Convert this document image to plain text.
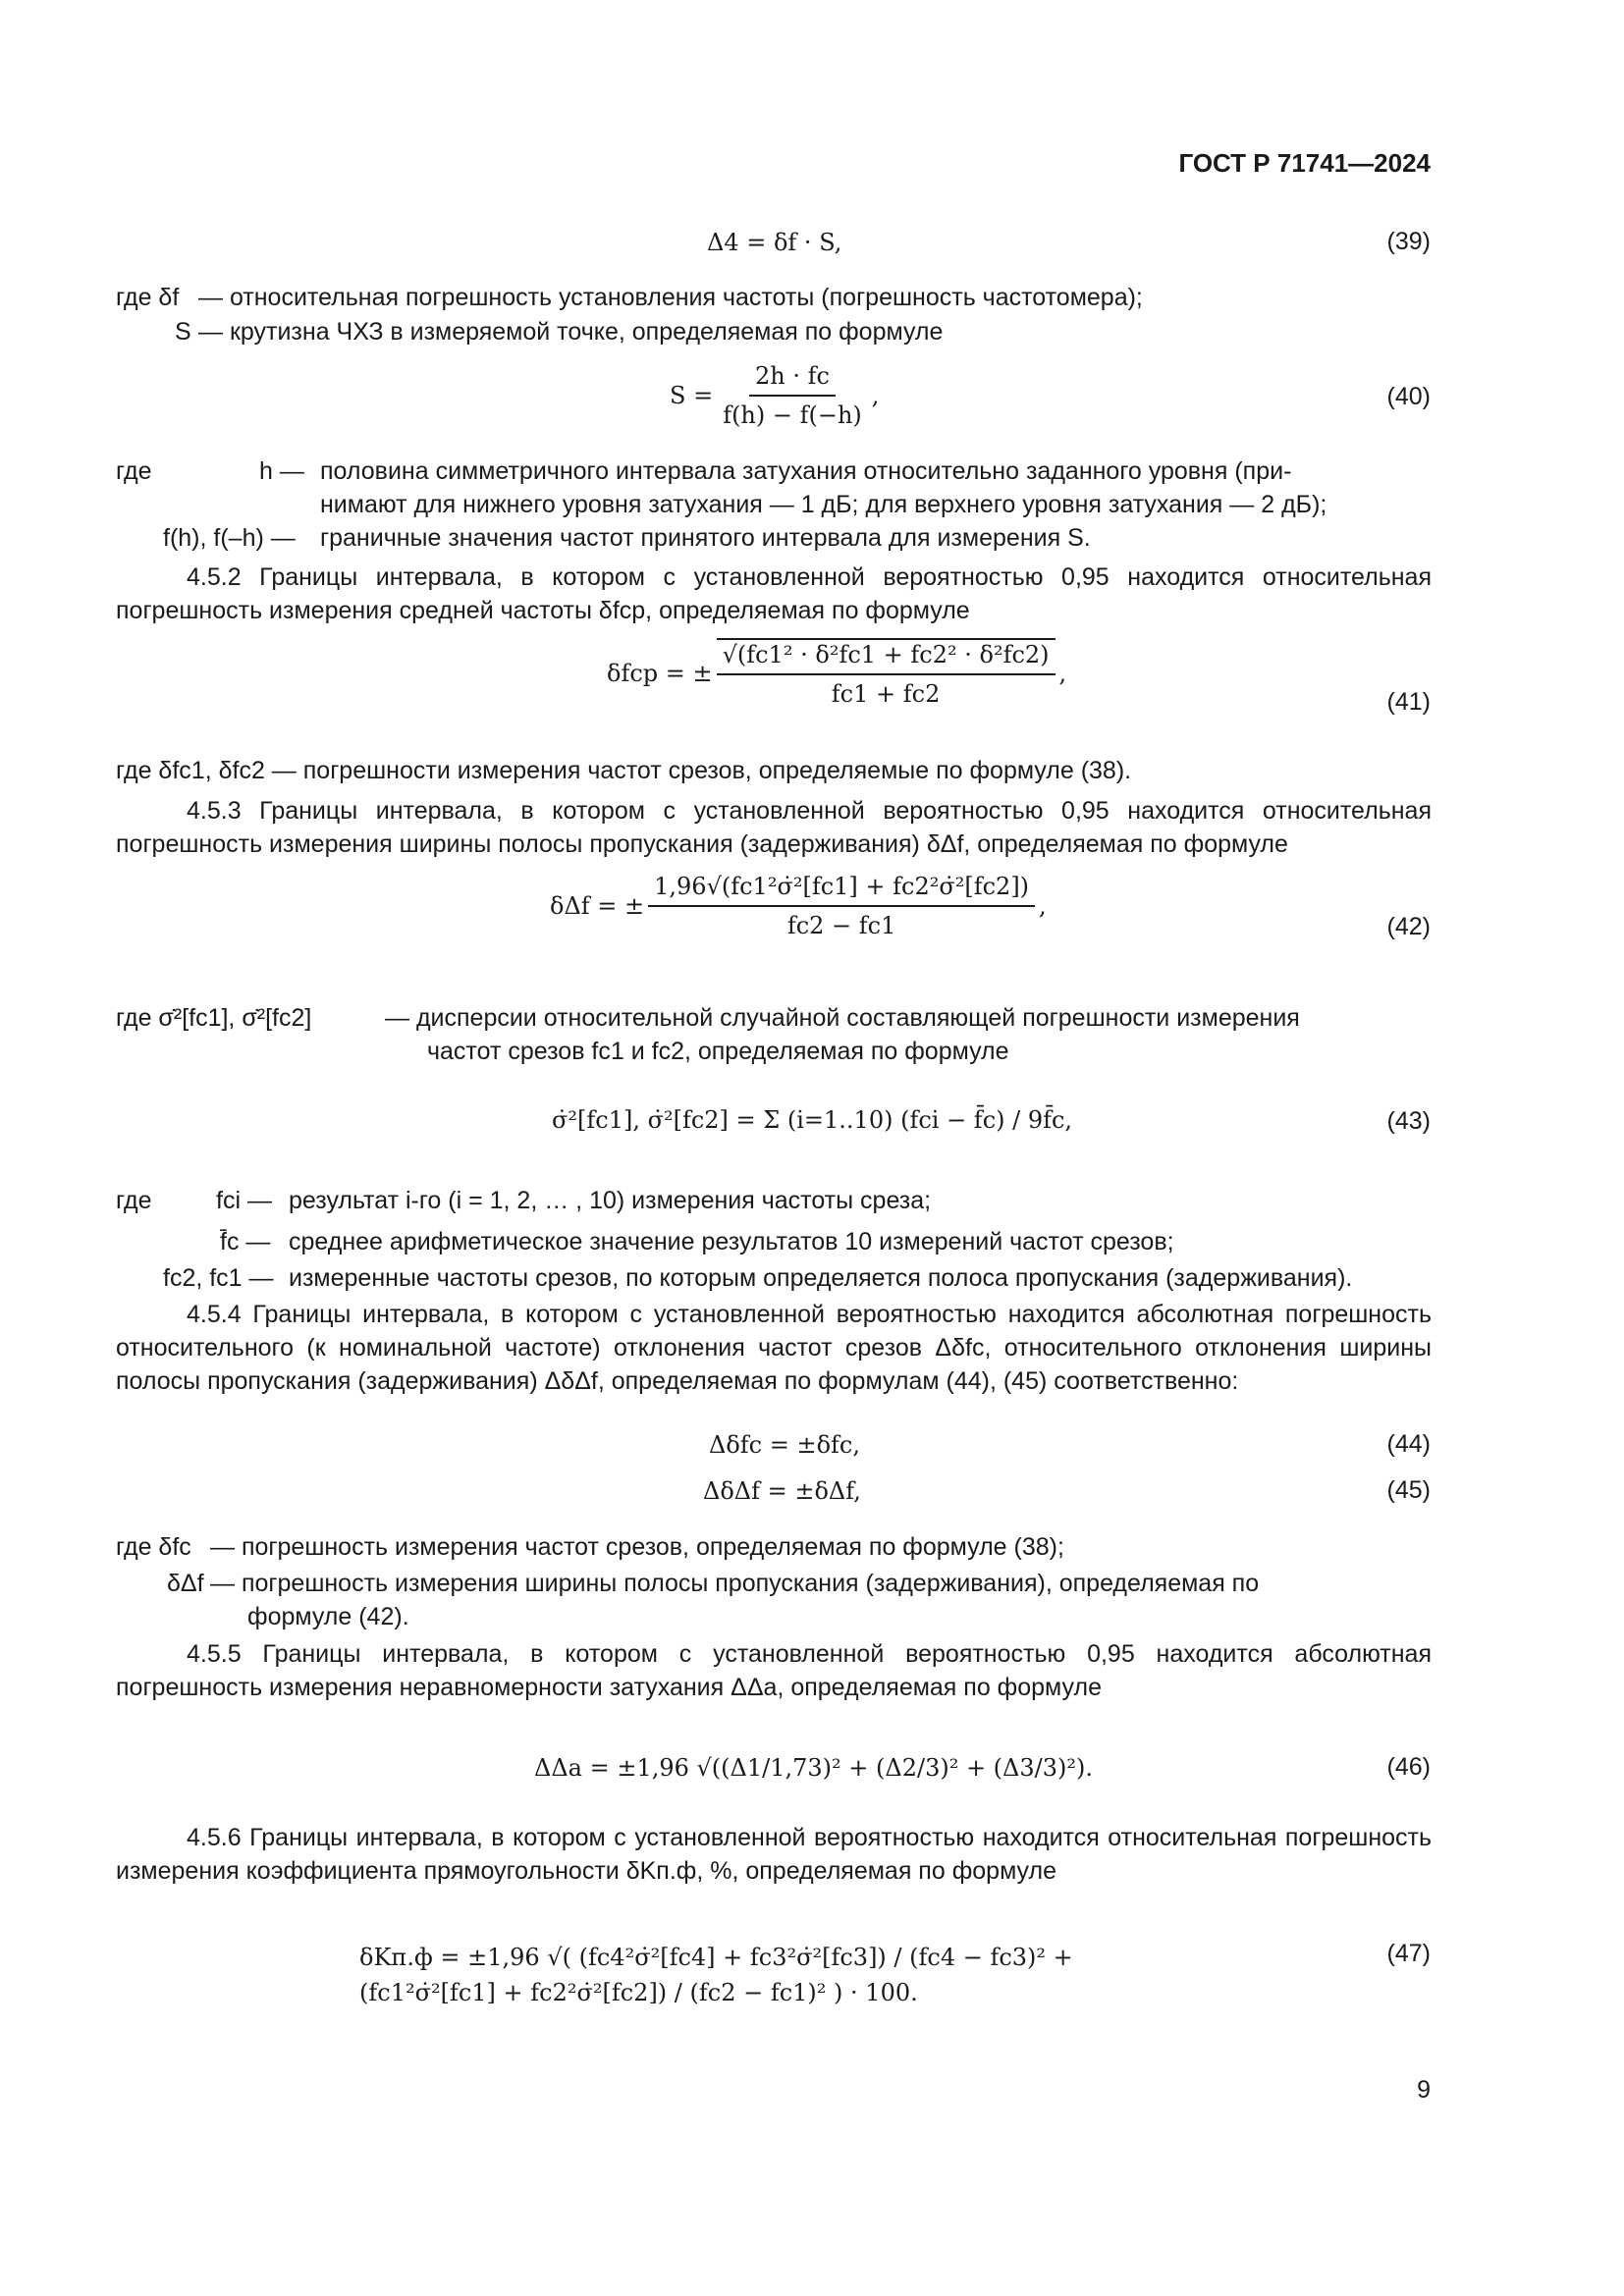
ГОСТ Р 71741—2024
Δ4 = δf · S,	(39)
где δf — относительная погрешность установления частоты (погрешность частотомера);
S — крутизна ЧХЗ в измеряемой точке, определяемая по формуле
$S = \frac{2h \cdot fc}{f(h) - f(-h)}$ ,	(40)
где	h — половина симметричного интервала затухания относительно заданного уровня (при-
нимают для нижнего уровня затухания — 1 дБ; для верхнего уровня затухания — 2 дБ);
f(h), f(–h) — граничные значения частот принятого интервала для измерения S.
4.5.2 Границы интервала, в котором с установленной вероятностью 0,95 находится относительная погрешность измерения средней частоты δfср, определяемая по формуле
δfср = ± $\frac{\text{√(fc1² · δ²fc1 + fc2² · δ²fc2)}}{fc1 + fc2}$ ,
(41)
где δfc1, δfc2 — погрешности измерения частот срезов, определяемые по формуле (38).
4.5.3 Границы интервала, в котором с установленной вероятностью 0,95 находится относительная погрешность измерения ширины полосы пропускания (задерживания) δΔf, определяемая по формуле
δΔf = ± $\frac{\text{1,96√(fc1²σ̇²[fc1] + fc2²σ̇²[fc2])}}{fc2 - fc1}$ ,
(42)
где σ̇²[fc1], σ̇²[fc2]	— дисперсии относительной случайной составляющей погрешности измерения
частот срезов fc1 и fc2, определяемая по формуле
σ̇²[fc1], σ̇²[fc2] = Σ (i=1..10) (fci − f̄c) / 9f̄c,	(43)
где	fci — результат i-го (i = 1, 2, … , 10) измерения частоты среза;
f̄c — среднее арифметическое значение результатов 10 измерений частот срезов;
fc2, fc1 — измеренные частоты срезов, по которым определяется полоса пропускания (задерживания).
4.5.4 Границы интервала, в котором с установленной вероятностью находится абсолютная погрешность относительного (к номинальной частоте) отклонения частот срезов Δδfc, относительного отклонения ширины полосы пропускания (задерживания) ΔδΔf, определяемая по формулам (44), (45) соответственно:
Δδfc = ±δfc,	(44)
ΔδΔf = ±δΔf,	(45)
где δfc — погрешность измерения частот срезов, определяемая по формуле (38);
δΔf — погрешность измерения ширины полосы пропускания (задерживания), определяемая по
формуле (42).
4.5.5 Границы интервала, в котором с установленной вероятностью 0,95 находится абсолютная погрешность измерения неравномерности затухания ΔΔа, определяемая по формуле
ΔΔа = ±1,96 √((Δ1/1,73)² + (Δ2/3)² + (Δ3/3)²).	(46)
4.5.6 Границы интервала, в котором с установленной вероятностью находится относительная погрешность измерения коэффициента прямоугольности δKп.ф, %, определяемая по формуле
δKп.ф = ±1,96 √( (fc4²σ̇²[fc4] + fc3²σ̇²[fc3]) / (fc4 − fc3)² + (fc1²σ̇²[fc1] + fc2²σ̇²[fc2]) / (fc2 − fc1)² ) · 100.
(47)
9
